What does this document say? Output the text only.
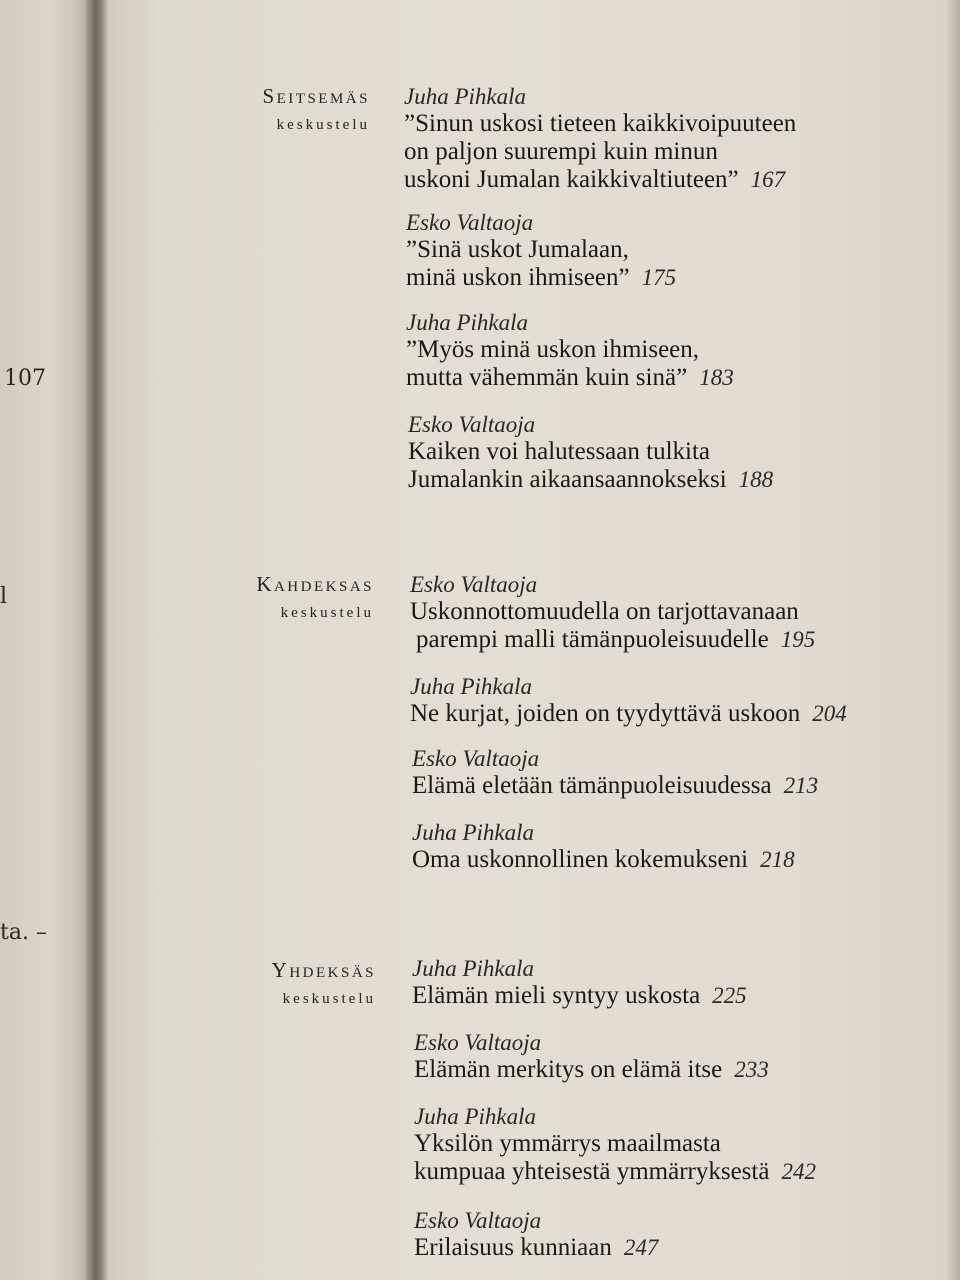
107
l
ta. –
Seitsemäs
keskustelu
Juha Pihkala
”Sinun uskosi tieteen kaikkivoipuuteen
on paljon suurempi kuin minun
uskoni Jumalan kaikkivaltiuteen” 167
Esko Valtaoja
”Sinä uskot Jumalaan,
minä uskon ihmiseen” 175
Juha Pihkala
”Myös minä uskon ihmiseen,
mutta vähemmän kuin sinä” 183
Esko Valtaoja
Kaiken voi halutessaan tulkita
Jumalankin aikaansaannokseksi 188
Kahdeksas
keskustelu
Esko Valtaoja
Uskonnottomuudella on tarjottavanaan
parempi malli tämänpuoleisuudelle 195
Juha Pihkala
Ne kurjat, joiden on tyydyttävä uskoon 204
Esko Valtaoja
Elämä eletään tämänpuoleisuudessa 213
Juha Pihkala
Oma uskonnollinen kokemukseni 218
Yhdeksäs
keskustelu
Juha Pihkala
Elämän mieli syntyy uskosta 225
Esko Valtaoja
Elämän merkitys on elämä itse 233
Juha Pihkala
Yksilön ymmärrys maailmasta
kumpuaa yhteisestä ymmärryksestä 242
Esko Valtaoja
Erilaisuus kunniaan 247
